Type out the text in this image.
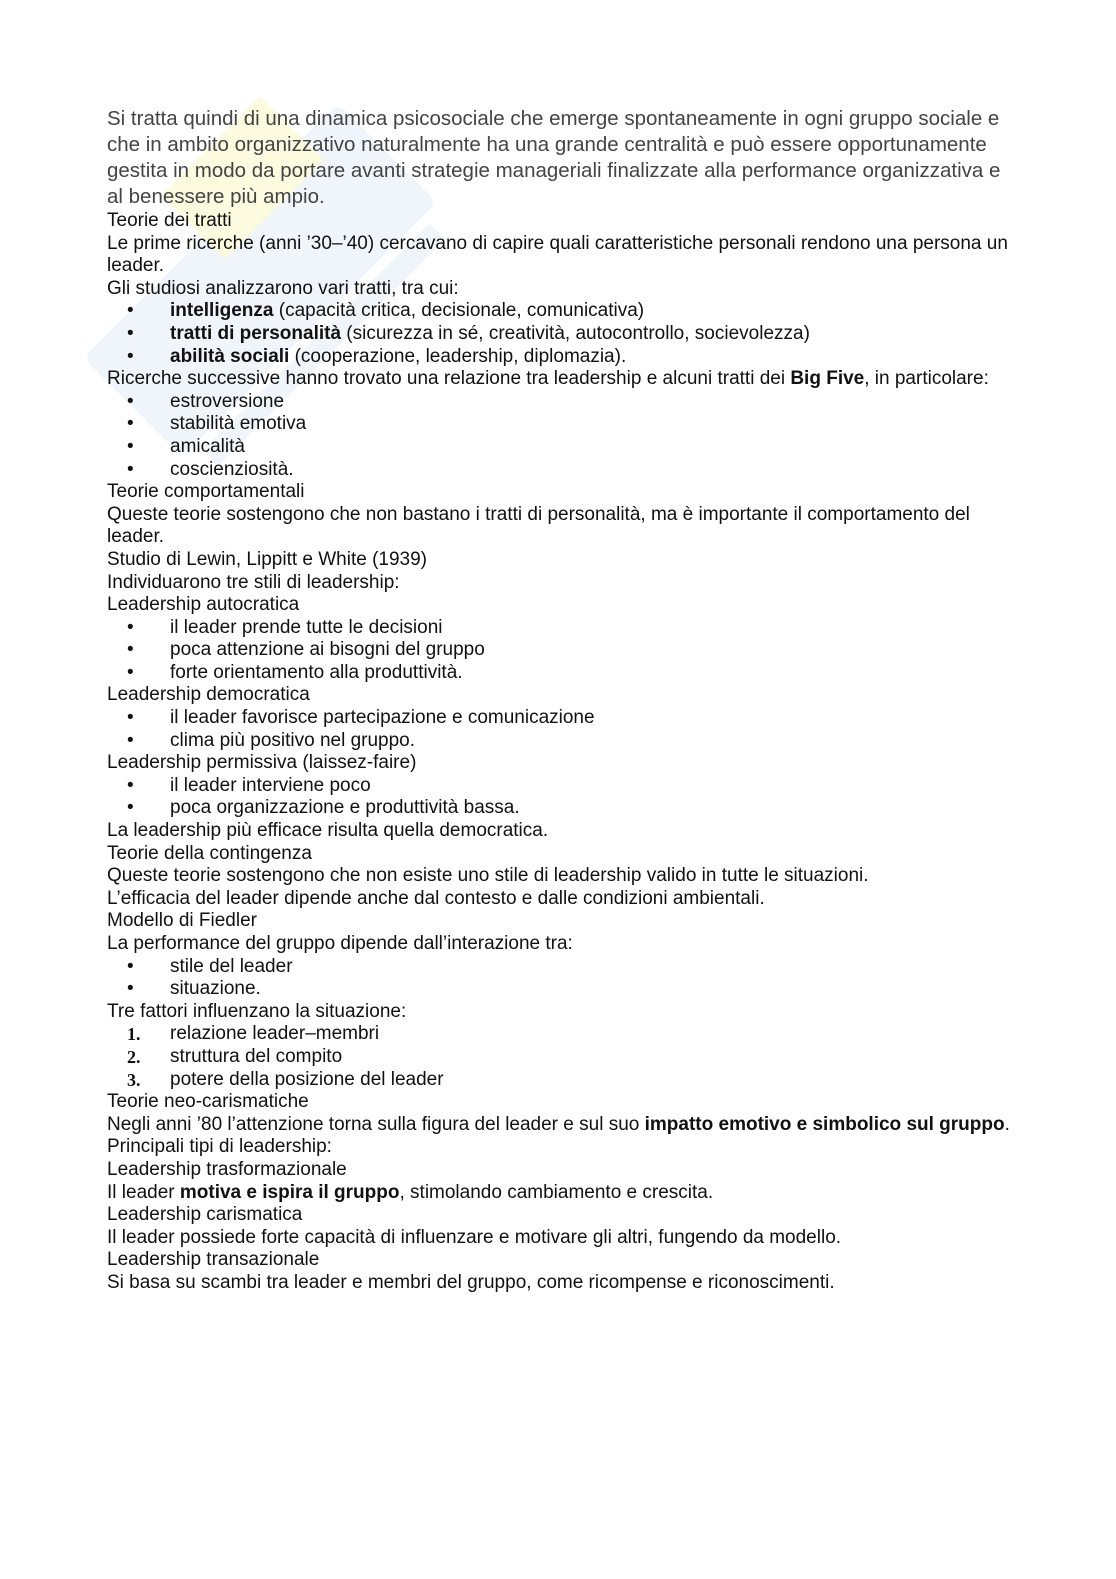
Si tratta quindi di una dinamica psicosociale che emerge spontaneamente in ogni gruppo sociale e che in ambito organizzativo naturalmente ha una grande centralità e può essere opportunamente gestita in modo da portare avanti strategie manageriali finalizzate alla performance organizzativa e al benessere più ampio.

Teorie dei tratti

Le prime ricerche (anni ’30–’40) cercavano di capire quali caratteristiche personali rendono una persona un leader.

Gli studiosi analizzarono vari tratti, tra cui:

• intelligenza (capacità critica, decisionale, comunicativa)
• tratti di personalità (sicurezza in sé, creatività, autocontrollo, socievolezza)
• abilità sociali (cooperazione, leadership, diplomazia).

Ricerche successive hanno trovato una relazione tra leadership e alcuni tratti dei Big Five, in particolare:

• estroversione
• stabilità emotiva
• amicalità
• coscienziosità.

Teorie comportamentali

Queste teorie sostengono che non bastano i tratti di personalità, ma è importante il comportamento del leader.

Studio di Lewin, Lippitt e White (1939)

Individuarono tre stili di leadership:

Leadership autocratica

• il leader prende tutte le decisioni
• poca attenzione ai bisogni del gruppo
• forte orientamento alla produttività.

Leadership democratica

• il leader favorisce partecipazione e comunicazione
• clima più positivo nel gruppo.

Leadership permissiva (laissez-faire)

• il leader interviene poco
• poca organizzazione e produttività bassa.

La leadership più efficace risulta quella democratica.

Teorie della contingenza

Queste teorie sostengono che non esiste uno stile di leadership valido in tutte le situazioni.

L’efficacia del leader dipende anche dal contesto e dalle condizioni ambientali.

Modello di Fiedler

La performance del gruppo dipende dall’interazione tra:

• stile del leader
• situazione.

Tre fattori influenzano la situazione:

1. relazione leader–membri
2. struttura del compito
3. potere della posizione del leader

Teorie neo-carismatiche

Negli anni ’80 l’attenzione torna sulla figura del leader e sul suo impatto emotivo e simbolico sul gruppo.

Principali tipi di leadership:

Leadership trasformazionale

Il leader motiva e ispira il gruppo, stimolando cambiamento e crescita.

Leadership carismatica

Il leader possiede forte capacità di influenzare e motivare gli altri, fungendo da modello.

Leadership transazionale

Si basa su scambi tra leader e membri del gruppo, come ricompense e riconoscimenti.
